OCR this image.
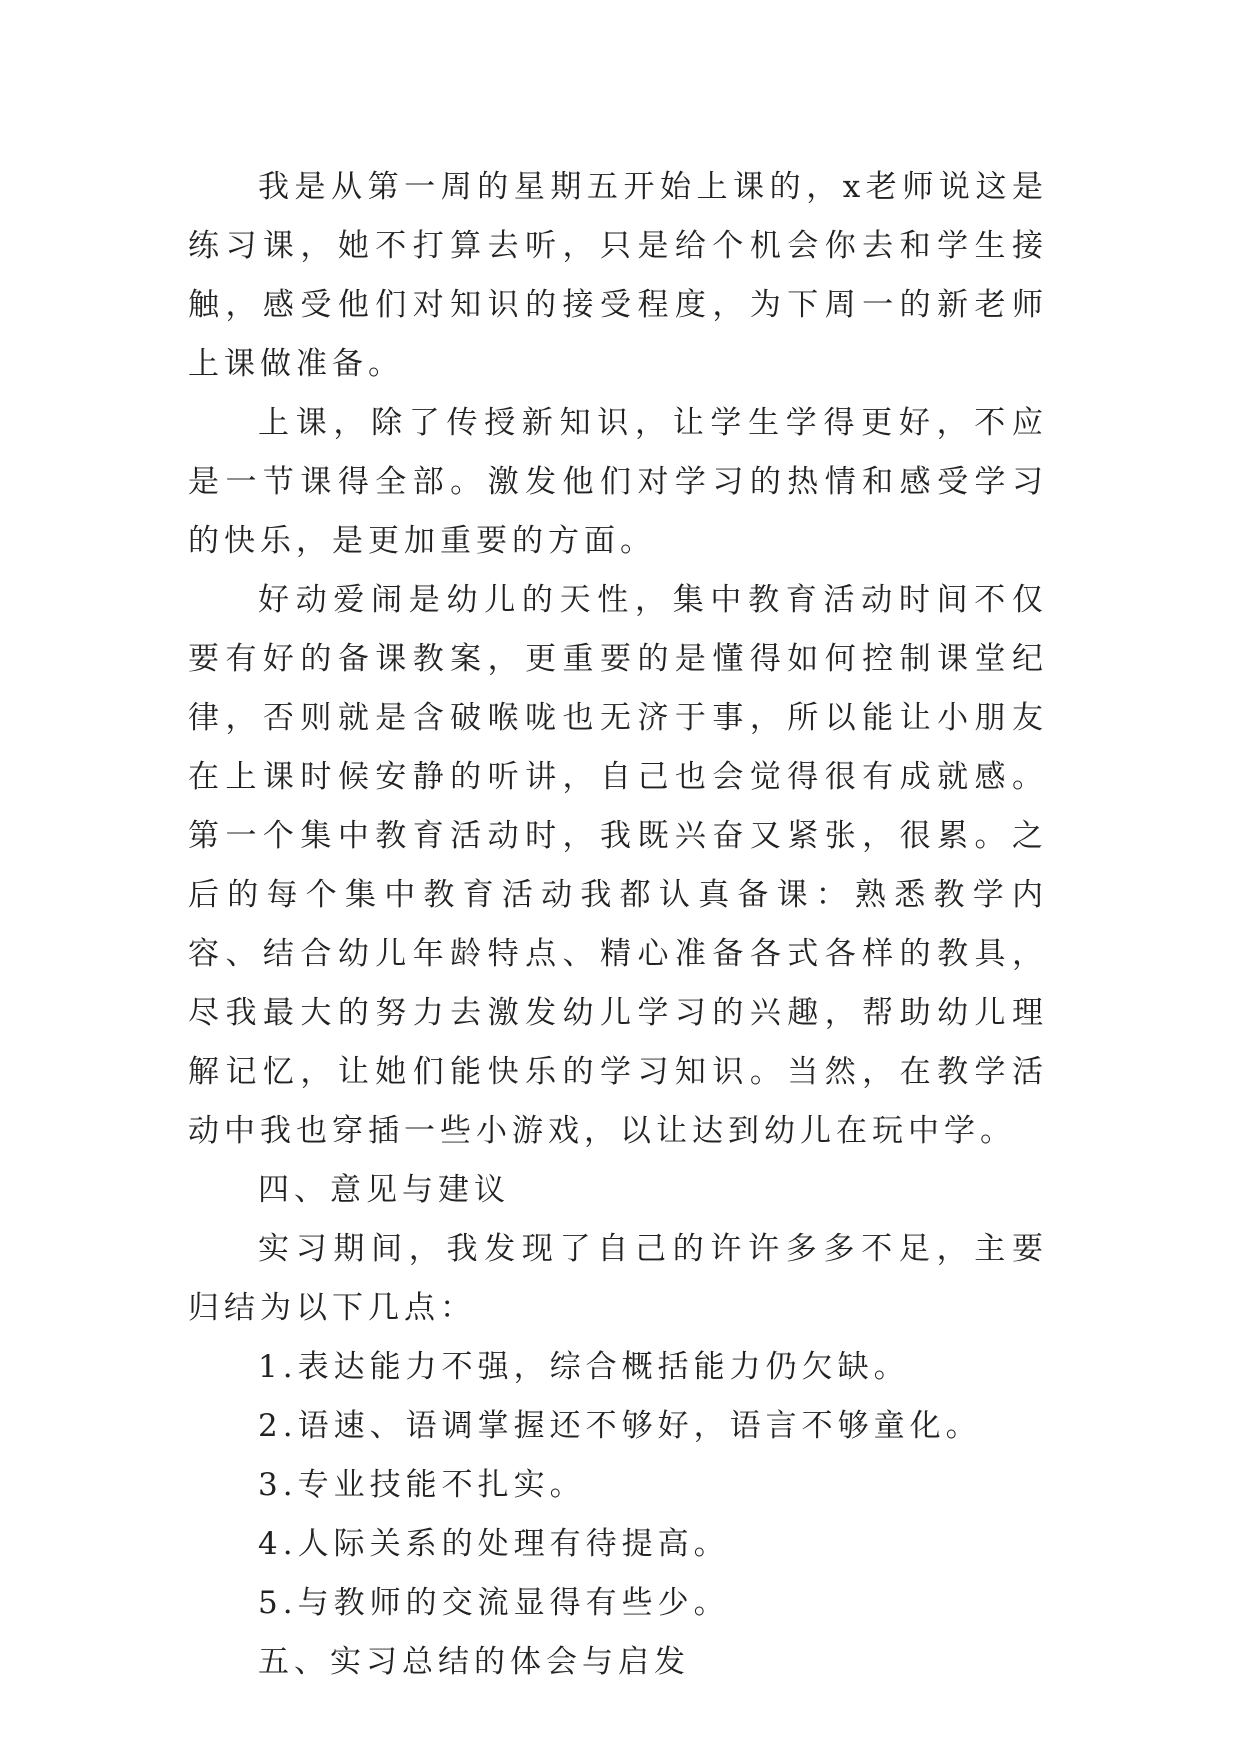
我是从第一周的星期五开始上课的，x老师说这是练习课，她不打算去听，只是给个机会你去和学生接触，感受他们对知识的接受程度，为下周一的新老师上课做准备。

上课，除了传授新知识，让学生学得更好，不应是一节课得全部。激发他们对学习的热情和感受学习的快乐，是更加重要的方面。

好动爱闹是幼儿的天性，集中教育活动时间不仅要有好的备课教案，更重要的是懂得如何控制课堂纪律，否则就是含破喉咙也无济于事，所以能让小朋友在上课时候安静的听讲，自己也会觉得很有成就感。第一个集中教育活动时，我既兴奋又紧张，很累。之后的每个集中教育活动我都认真备课：熟悉教学内容、结合幼儿年龄特点、精心准备各式各样的教具，尽我最大的努力去激发幼儿学习的兴趣，帮助幼儿理解记忆，让她们能快乐的学习知识。当然，在教学活动中我也穿插一些小游戏，以让达到幼儿在玩中学。

四、意见与建议

实习期间，我发现了自己的许许多多不足，主要归结为以下几点：

1.表达能力不强，综合概括能力仍欠缺。

2.语速、语调掌握还不够好，语言不够童化。

3.专业技能不扎实。

4.人际关系的处理有待提高。

5.与教师的交流显得有些少。

五、实习总结的体会与启发
